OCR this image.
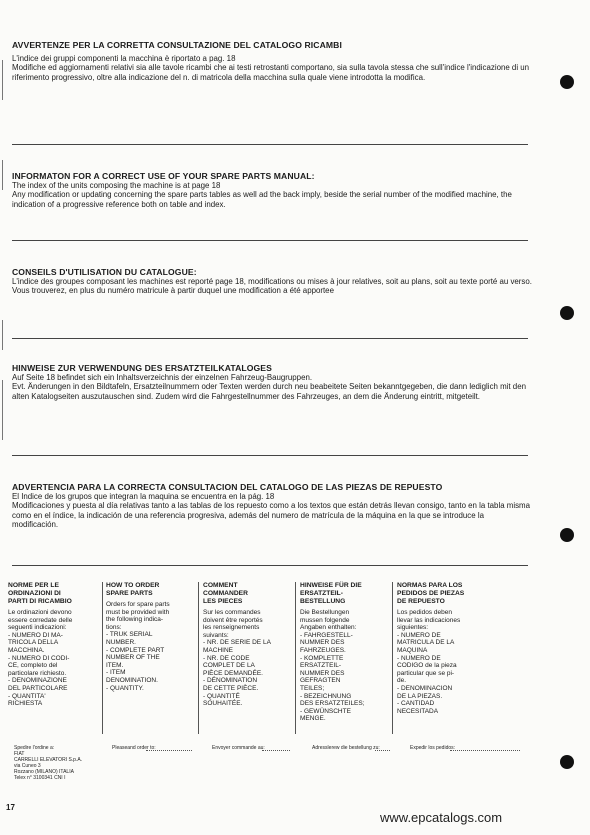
AVVERTENZE PER LA CORRETTA CONSULTAZIONE DEL CATALOGO RICAMBI

L'indice dei gruppi componenti la macchina è riportato a pag. 18
Modifiche ed aggiornamenti relativi sia alle tavole ricambi che ai testi retrostanti comportano, sia sulla tavola stessa che sull'indice l'indicazione di un riferimento progressivo, oltre alla indicazione del n. di matricola della macchina sulla quale viene introdotta la modifica.

INFORMATON FOR A CORRECT USE OF YOUR SPARE PARTS MANUAL:

The index of the units composing the machine is at page 18
Any modification or updating concerning the spare parts tables as well ad the back imply, beside the serial number of the modified machine, the indication of a progressive reference both on table and index.

CONSEILS D'UTILISATION DU CATALOGUE:

L'indice des groupes composant les machines est reporté page 18, modifications ou mises à jour relatives, soit au plans, soit au texte porté au verso.
Vous trouverez, en plus du numéro matricule à partir duquel une modification a été apportee

HINWEISE ZUR VERWENDUNG DES ERSATZTEILKATALOGES

Auf Seite 18 befindet sich ein Inhaltsverzeichnis der einzelnen Fahrzeug-Baugruppen.
Evt. Änderungen in den Bildtafeln, Ersatzteilnummern oder Texten werden durch neu beabeitete Seiten bekanntgegeben, die dann lediglich mit den alten Katalogseiten auszutauschen sind. Zudem wird die Fahrgestellnummer des Fahrzeuges, an dem die Änderung eintritt, mitgeteilt.

ADVERTENCIA PARA LA CORRECTA CONSULTACION DEL CATALOGO DE LAS PIEZAS DE REPUESTO

El Indice de los grupos que integran la maquina se encuentra en la pág. 18
Modificaciones y puesta al día relativas tanto a las tablas de los repuesto como a los textos que están detrás llevan consigo, tanto en la tabla misma como en el índice, la indicación de una referencia progresiva, además del numero de matrícula de la máquina en la que se introduce la modificación.

NORME PER LE
ORDINAZIONI DI
PARTI DI RICAMBIO

Le ordinazioni devono
essere corredate delle
seguenti indicazioni:
- NUMERO DI MA-
TRICOLA DELLA
MACCHINA.
- NUMERO DI CODI-
CE, completo del
particolare richiesto.
- DENOMINAZIONE
DEL PARTICOLARE
- QUANTITA'
RICHIESTA

HOW TO ORDER
SPARE PARTS

Orders for spare parts
must be provided with
the following indica-
tions:
- TRUK SERIAL
NUMBER.
- COMPLETE PART
NUMBER OF THE
ITEM.
- ITEM
DENOMINATION.
- QUANTITY.

COMMENT
COMMANDER
LES PIECES

Sur les commandes
doivent être reportés
les renseignements
suivants:
- NR. DE SERIE DE LA
MACHINE
- NR. DE CODE
COMPLET DE LA
PIÈCE DEMANDÉE.
- DÉNOMINATION
DE CETTE PIÈCE.
- QUANTITÉ
SOUHAITÉE.

HINWEISE FÜR DIE
ERSATZTEIL-
BESTELLUNG

Die Bestellungen
mussen folgende
Angaben enthalten:
- FAHRGESTELL-
NUMMER DES
FAHRZEUGES.
- KOMPLETTE
ERSATZTEIL-
NUMMER DES
GEFRAGTEN
TEILES;
- BEZEICHNUNG
DES ERSATZTEILES;
- GEWÜNSCHTE
MENGE.

NORMAS PARA LOS
PEDIDOS DE PIEZAS
DE REPUESTO

Los pedidos deben
llevar las indicaciones
siguientes:
- NUMERO DE
MATRICULA DE LA
MAQUINA
- NUMERO DE
CODIGO de la pieza
particular que se pi-
de.
- DENOMINACION
DE LA PIEZAS.
- CANTIDAD
NECESITADA

Spedire l'ordine a:
FIAT
CARRELLI ELEVATORI S.p.A.
via Cuneo 3
Rozzano (MILANO) ITALIA
Telex n° 3100341 CNI I
Pleaseand order to:	Envoyer commande au:	Adresslerew die bestellung zu:	Expedir los pedidos:
17
www.epcatalogs.com
